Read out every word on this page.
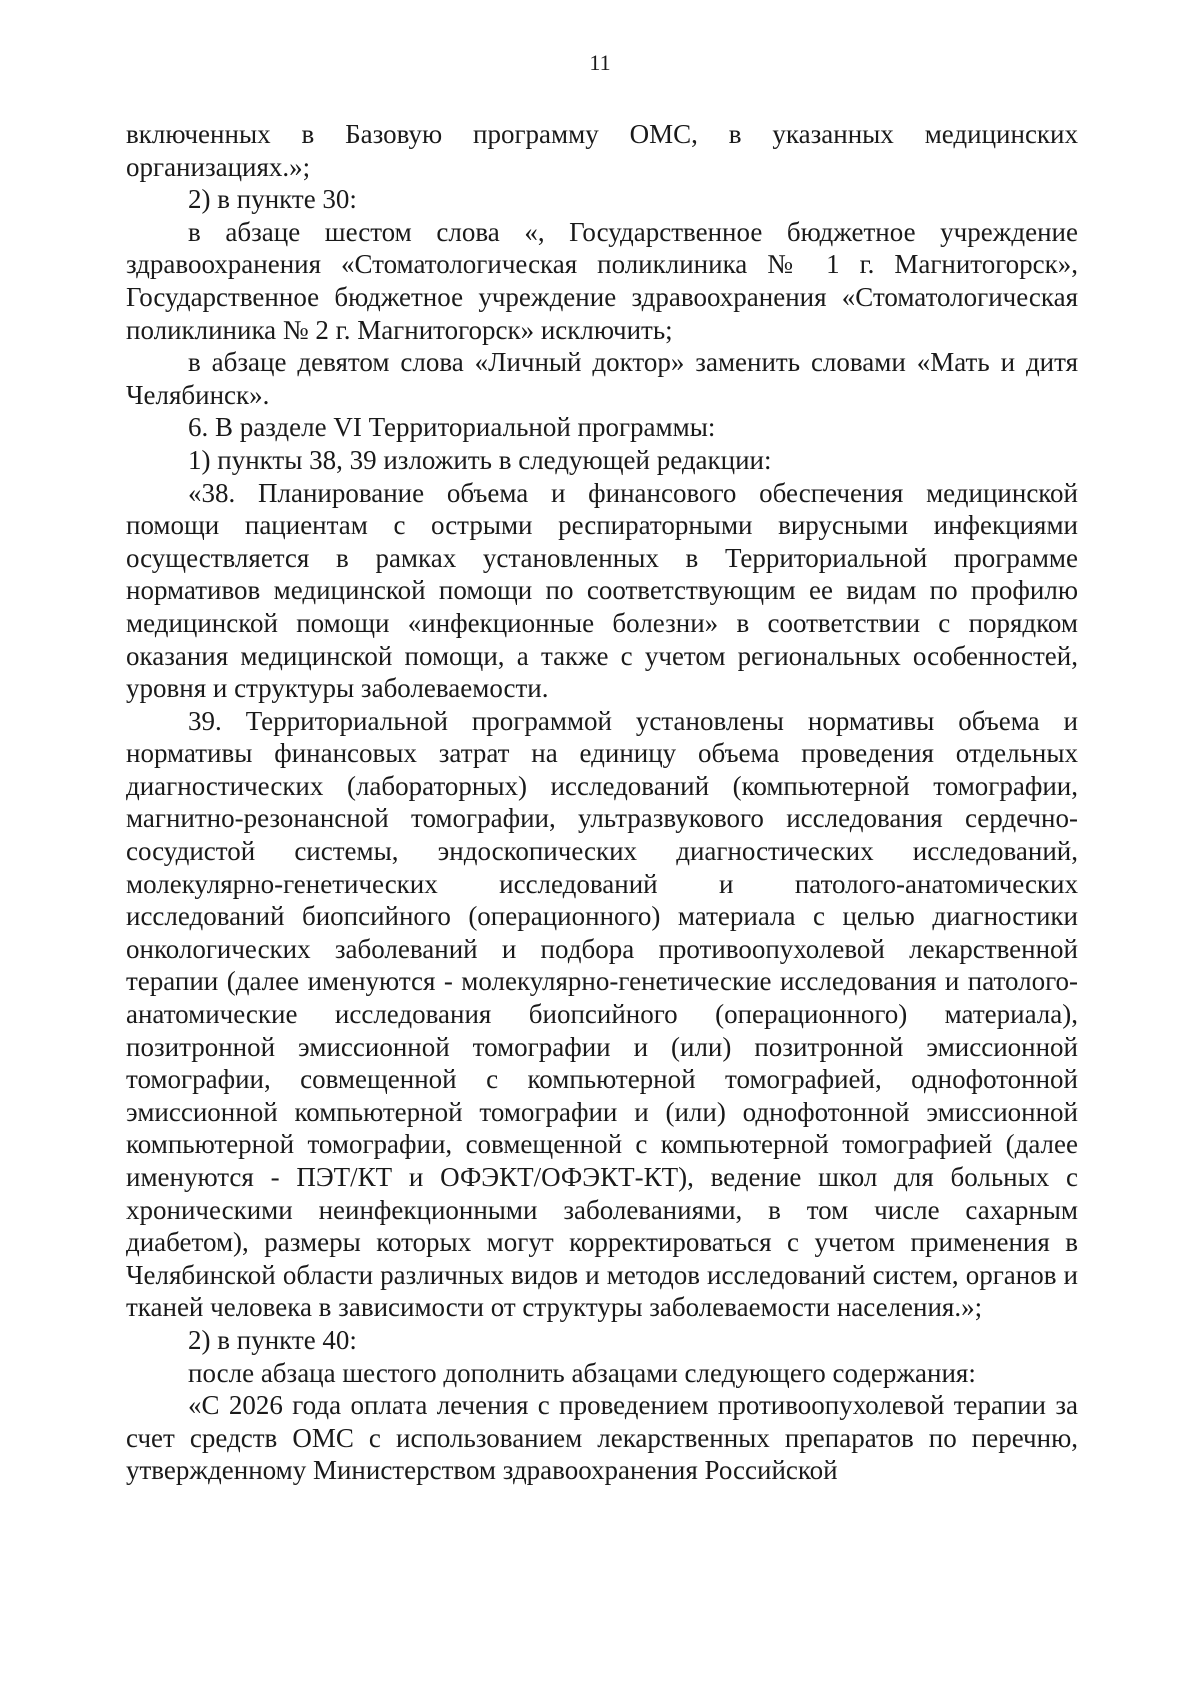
11

включенных в Базовую программу ОМС, в указанных медицинских организациях.»;

2) в пункте 30:

в абзаце шестом слова «, Государственное бюджетное учреждение здравоохранения «Стоматологическая поликлиника № 1 г. Магнитогорск», Государственное бюджетное учреждение здравоохранения «Стоматологическая поликлиника № 2 г. Магнитогорск» исключить;

в абзаце девятом слова «Личный доктор» заменить словами «Мать и дитя Челябинск».

6. В разделе VI Территориальной программы:

1) пункты 38, 39 изложить в следующей редакции:

«38. Планирование объема и финансового обеспечения медицинской помощи пациентам с острыми респираторными вирусными инфекциями осуществляется в рамках установленных в Территориальной программе нормативов медицинской помощи по соответствующим ее видам по профилю медицинской помощи «инфекционные болезни» в соответствии с порядком оказания медицинской помощи, а также с учетом региональных особенностей, уровня и структуры заболеваемости.

39. Территориальной программой установлены нормативы объема и нормативы финансовых затрат на единицу объема проведения отдельных диагностических (лабораторных) исследований (компьютерной томографии, магнитно-резонансной томографии, ультразвукового исследования сердечно-сосудистой системы, эндоскопических диагностических исследований, молекулярно-генетических исследований и патолого-анатомических исследований биопсийного (операционного) материала с целью диагностики онкологических заболеваний и подбора противоопухолевой лекарственной терапии (далее именуются - молекулярно-генетические исследования и патолого-анатомические исследования биопсийного (операционного) материала), позитронной эмиссионной томографии и (или) позитронной эмиссионной томографии, совмещенной с компьютерной томографией, однофотонной эмиссионной компьютерной томографии и (или) однофотонной эмиссионной компьютерной томографии, совмещенной с компьютерной томографией (далее именуются - ПЭТ/КТ и ОФЭКТ/ОФЭКТ-КТ), ведение школ для больных с хроническими неинфекционными заболеваниями, в том числе сахарным диабетом), размеры которых могут корректироваться с учетом применения в Челябинской области различных видов и методов исследований систем, органов и тканей человека в зависимости от структуры заболеваемости населения.»;

2) в пункте 40:

после абзаца шестого дополнить абзацами следующего содержания:

«С 2026 года оплата лечения с проведением противоопухолевой терапии за счет средств ОМС с использованием лекарственных препаратов по перечню, утвержденному Министерством здравоохранения Российской
